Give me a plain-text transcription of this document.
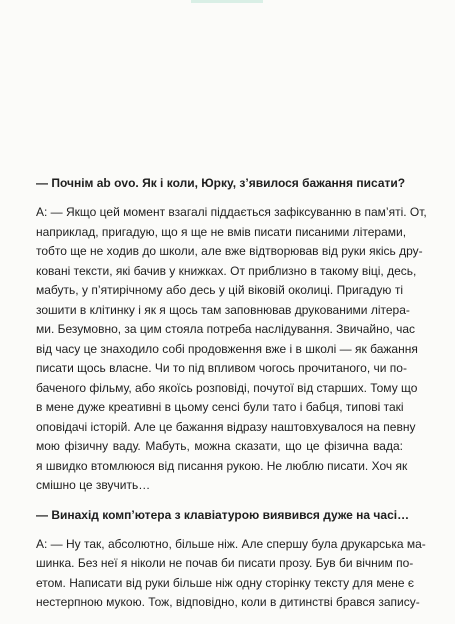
— Почнім ab ovo. Як і коли, Юрку, з’явилося бажання писати?

А: — Якщо цей момент взагалі піддається зафіксуванню в пам’яті. От,
наприклад, пригадую, що я ще не вмів писати писаними літерами,
тобто ще не ходив до школи, але вже відтворював від руки якісь дру-
ковані тексти, які бачив у книжках. От приблизно в такому віці, десь,
мабуть, у п’ятирічному або десь у цій віковій околиці. Пригадую ті
зошити в клітинку і як я щось там заповнював друкованими літера-
ми. Безумовно, за цим стояла потреба наслідування. Звичайно, час
від часу це знаходило собі продовження вже і в школі — як бажання
писати щось власне. Чи то під впливом чогось прочитаного, чи по-
баченого фільму, або якоїсь розповіді, почутої від старших. Тому що
в мене дуже креативні в цьому сенсі були тато і бабця, типові такі
оповідачі історій. Але це бажання відразу наштовхувалося на певну
мою фізичну ваду. Мабуть, можна сказати, що це фізична вада:
я швидко втомлююся від писання рукою. Не люблю писати. Хоч як
смішно це звучить…

— Винахід комп’ютера з клавіатурою виявився дуже на часі…

А: — Ну так, абсолютно, більше ніж. Але спершу була друкарська ма-
шинка. Без неї я ніколи не почав би писати прозу. Був би вічним по-
етом. Написати від руки більше ніж одну сторінку тексту для мене є
нестерпною мукою. Тож, відповідно, коли в дитинстві брався запису-
